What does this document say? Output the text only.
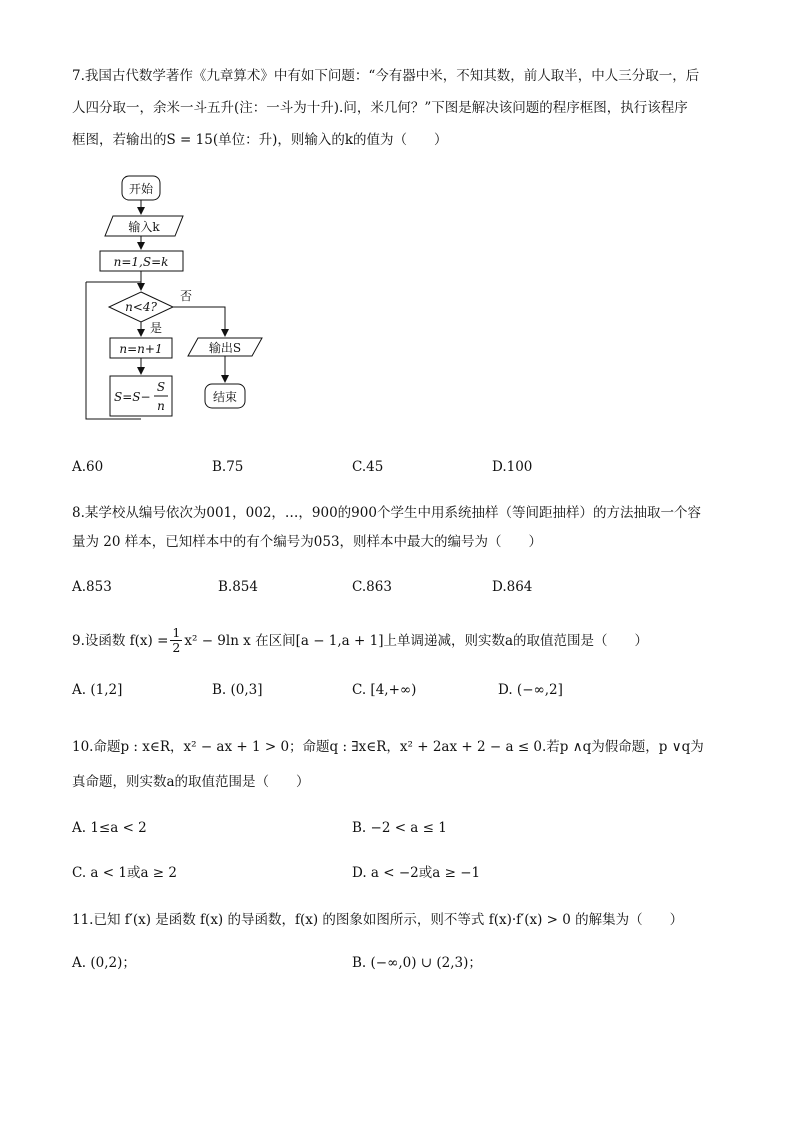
7.我国古代数学著作《九章算术》中有如下问题：“今有器中米，不知其数，前人取半，中人三分取一，后
人四分取一，余米一斗五升(注：一斗为十升).问，米几何？”下图是解决该问题的程序框图，执行该程序
框图，若输出的S = 15(单位：升)，则输入的k的值为（　　）
开始
输入k
n=1,S=k
n<4?
否
是
n=n+1
S=S−
S
n
输出S
结束
A.60	B.75	C.45	D.100
8.某学校从编号依次为001，002，…，900的900个学生中用系统抽样（等间距抽样）的方法抽取一个容
量为 20 样本，已知样本中的有个编号为053，则样本中最大的编号为（　　）
A.853	B.854	C.863	D.864
9.设函数 $f(x) = \frac{1}{2} x^2 - 9\ln$ x 在区间[a − 1,a + 1]上单调递减，则实数a的取值范围是（　　）
A. (1,2]	B. (0,3]	C. [4,+∞)	D. (−∞,2]
10.命题p : x∈R，x² − ax + 1 > 0；命题q : ∃x∈R，x² + 2ax + 2 − a ≤ 0.若p ∧q为假命题，p ∨q为
真命题，则实数a的取值范围是（　　）
A. 1≤a < 2	B. −2 < a ≤ 1
C. a < 1或a ≥ 2	D. a < −2或a ≥ −1
11.已知 f′(x) 是函数 f(x) 的导函数，f(x) 的图象如图所示，则不等式 f(x)·f′(x) > 0 的解集为（　　）
A. (0,2)；	B. (−∞,0) ∪ (2,3)；
